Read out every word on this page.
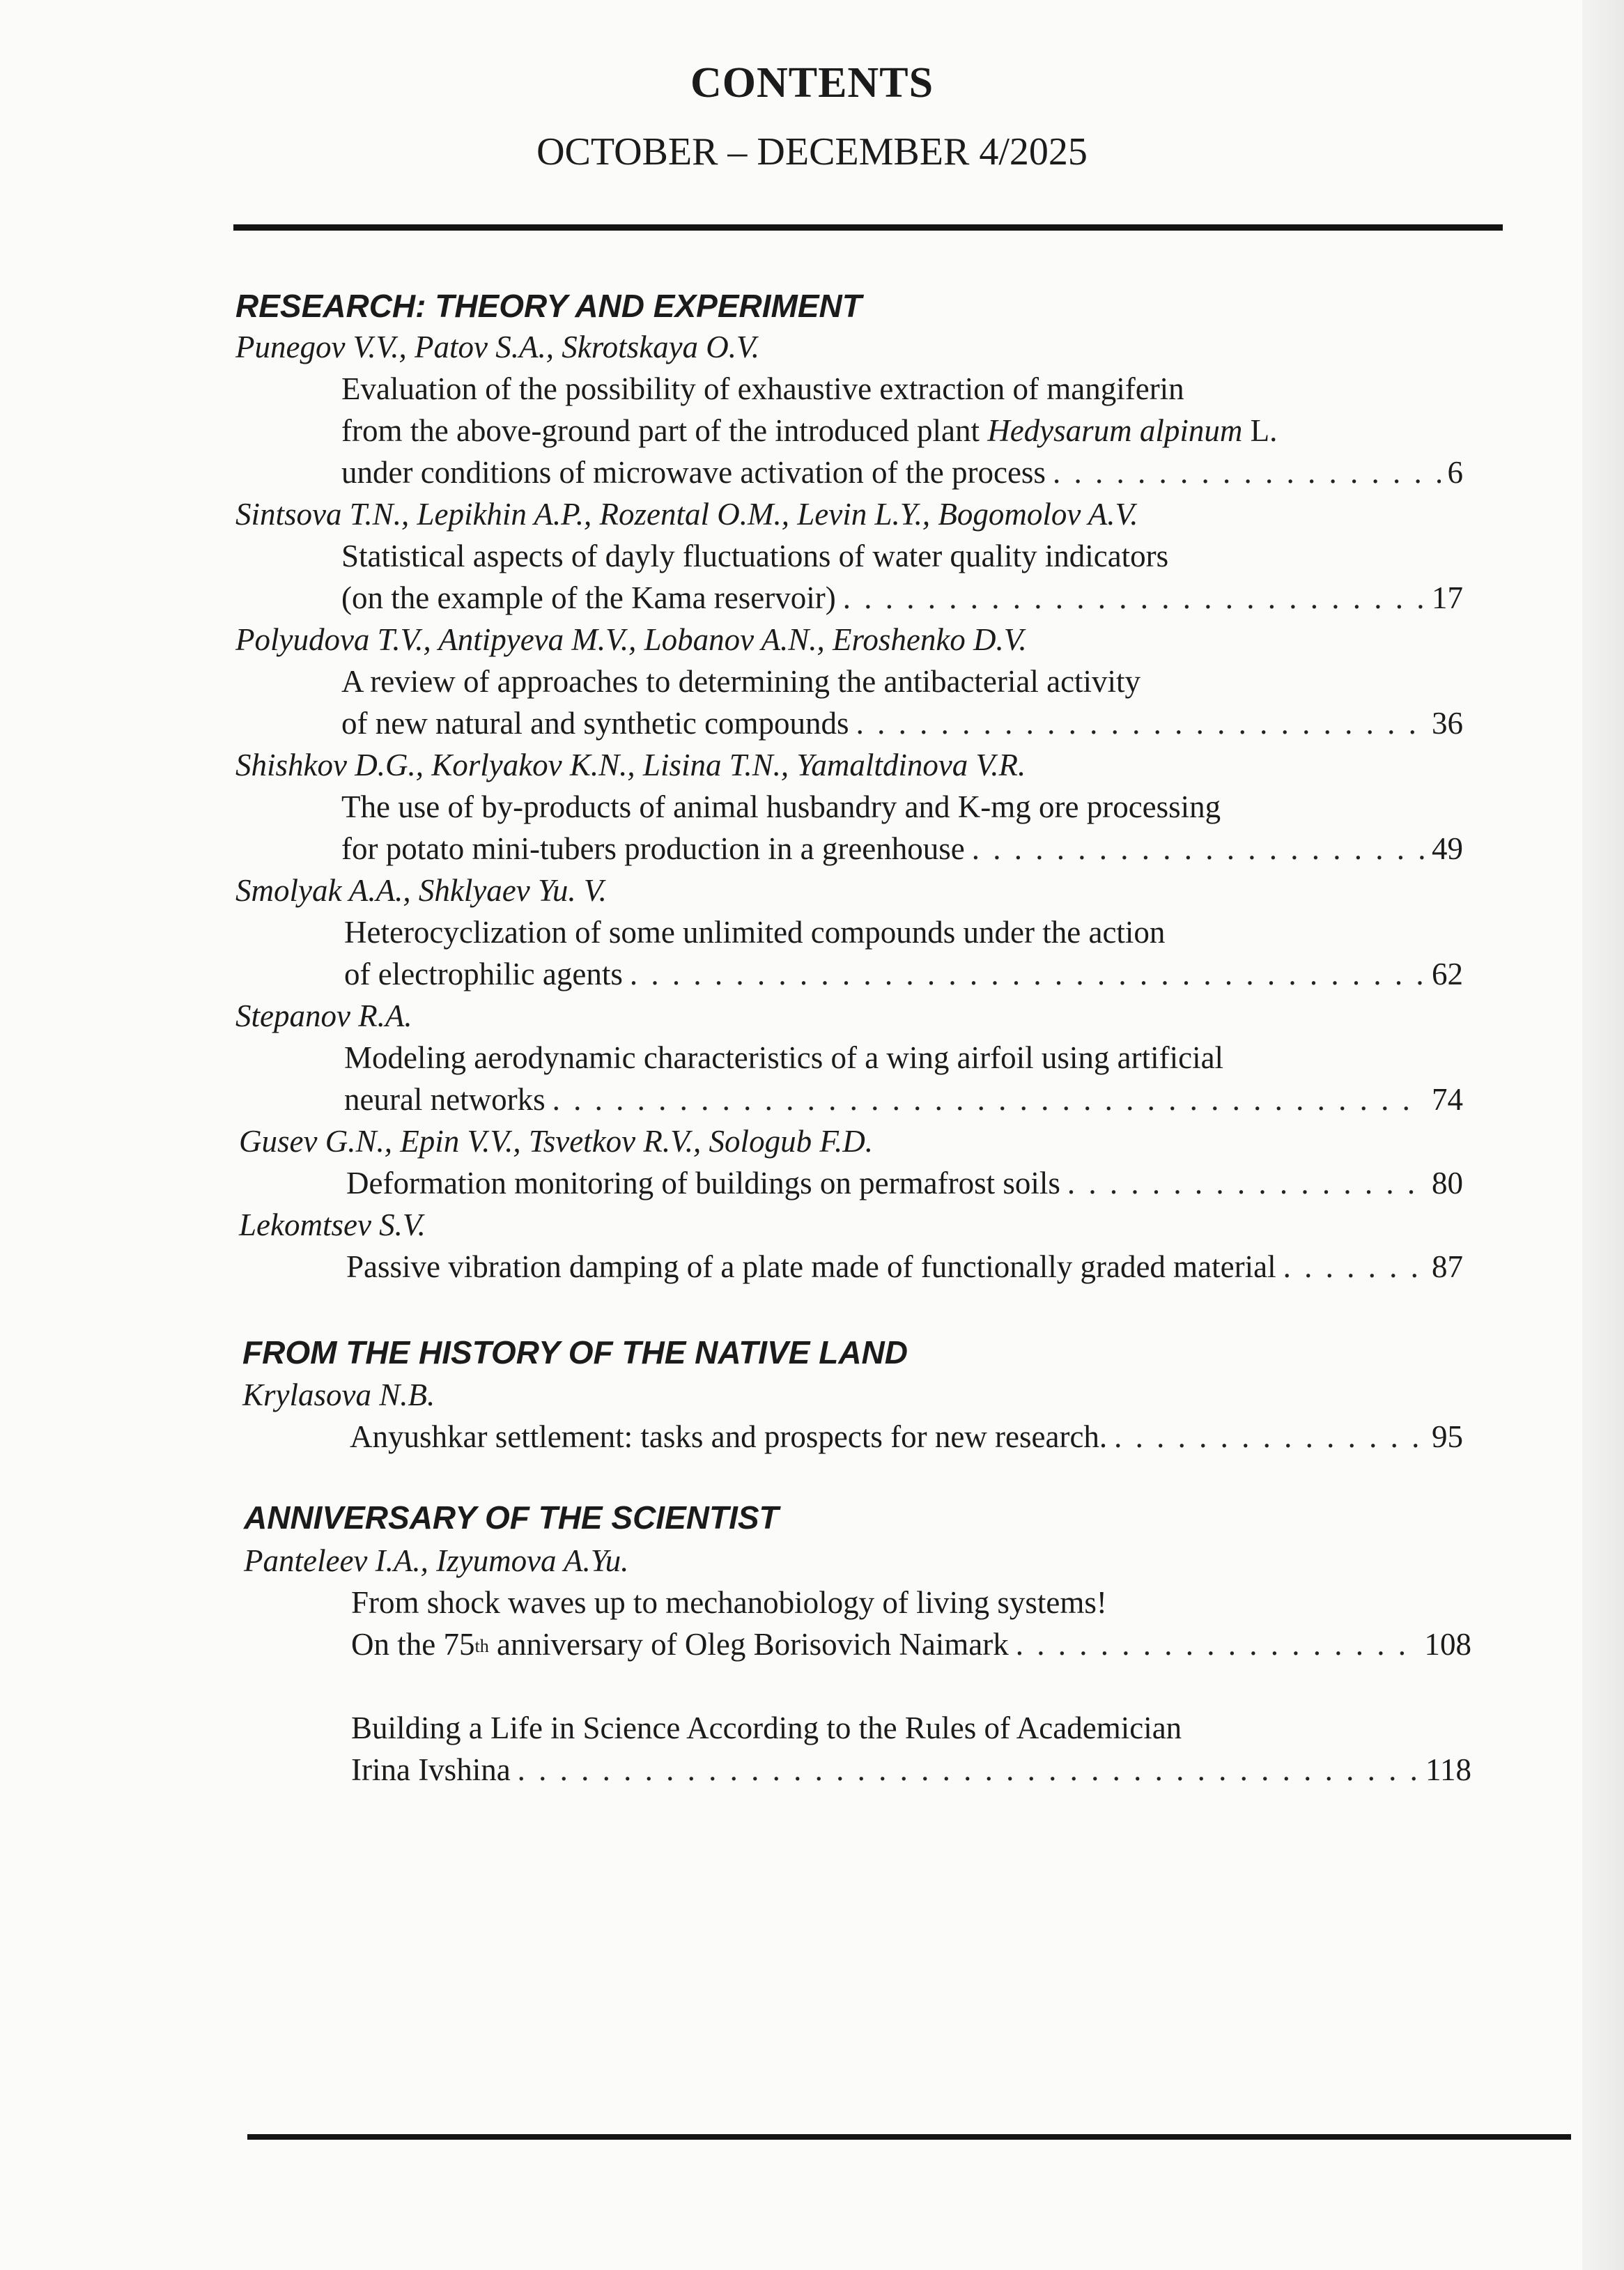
CONTENTS
OCTOBER – DECEMBER 4/2025
RESEARCH: THEORY AND EXPERIMENT
Punegov V.V., Patov S.A., Skrotskaya O.V.
Evaluation of the possibility of exhaustive extraction of mangiferin
from the above-ground part of the introduced plant Hedysarum alpinum L.
under conditions of microwave activation of the process . . .	6
Sintsova T.N., Lepikhin A.P., Rozental O.M., Levin L.Y., Bogomolov A.V.
Statistical aspects of dayly fluctuations of water quality indicators
(on the example of the Kama reservoir) . . .	17
Polyudova T.V., Antipyeva M.V., Lobanov A.N., Eroshenko D.V.
A review of approaches to determining the antibacterial activity
of new natural and synthetic compounds . . .	36
Shishkov D.G., Korlyakov K.N., Lisina T.N., Yamaltdinova V.R.
The use of by-products of animal husbandry and K-mg ore processing
for potato mini-tubers production in a greenhouse . . .	49
Smolyak A.A., Shklyaev Yu. V.
Heterocyclization of some unlimited compounds under the action
of electrophilic agents . . .	62
Stepanov R.A.
Modeling aerodynamic characteristics of a wing airfoil using artificial
neural networks . . .	74
Gusev G.N., Epin V.V., Tsvetkov R.V., Sologub F.D.
Deformation monitoring of buildings on permafrost soils . . .	80
Lekomtsev S.V.
Passive vibration damping of a plate made of functionally graded material . . .	87
FROM THE HISTORY OF THE NATIVE LAND
Krylasova N.B.
Anyushkar settlement: tasks and prospects for new research. . . .	95
ANNIVERSARY OF THE SCIENTIST
Panteleev I.A., Izyumova A.Yu.
From shock waves up to mechanobiology of living systems!
On the 75th anniversary of Oleg Borisovich Naimark . . .	108
Building a Life in Science According to the Rules of Academician
Irina Ivshina . . .	118
